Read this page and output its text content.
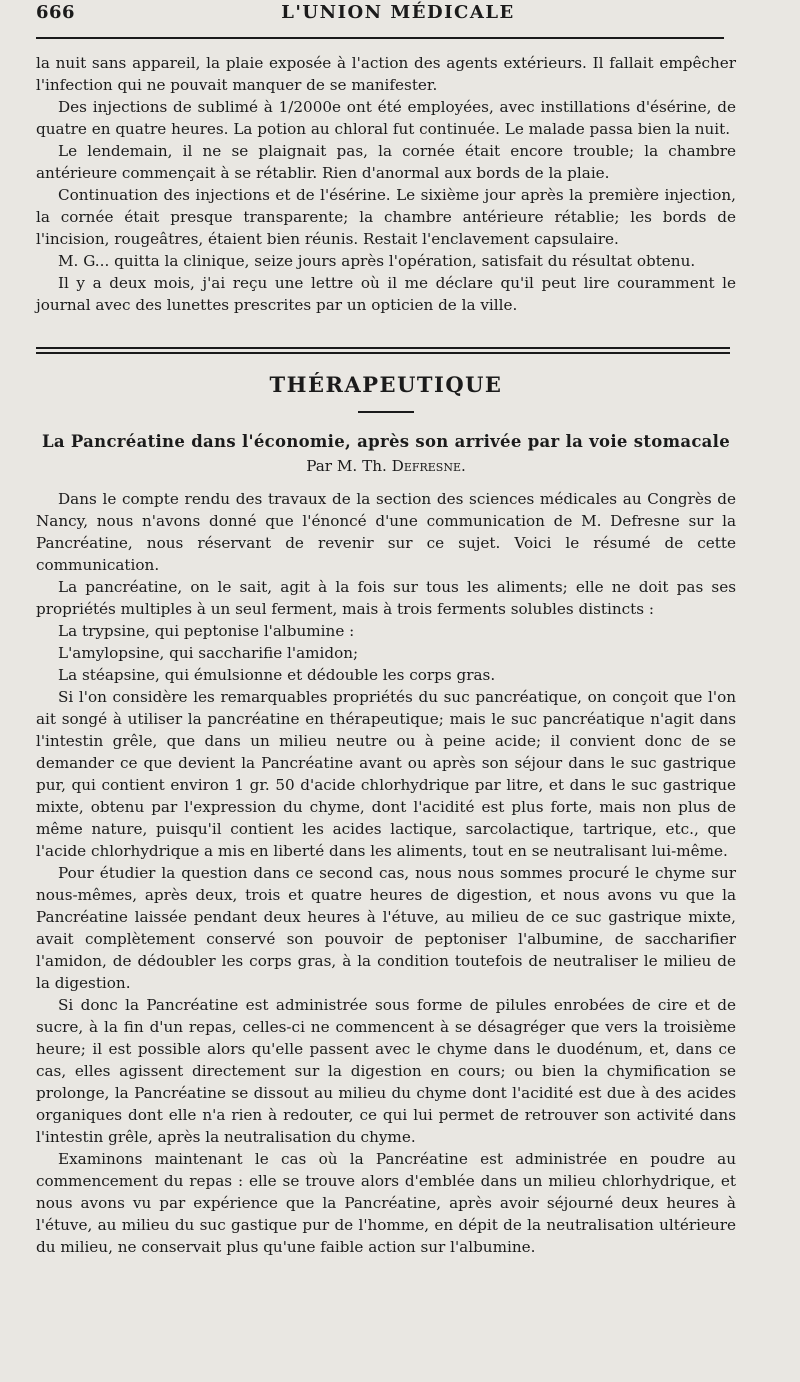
666	L'UNION MÉDICALE

la nuit sans appareil, la plaie exposée à l'action des agents extérieurs. Il fallait empêcher l'infection qui ne pouvait manquer de se manifester.

Des injections de sublimé à 1/2000e ont été employées, avec instillations d'ésérine, de quatre en quatre heures. La potion au chloral fut continuée. Le malade passa bien la nuit.

Le lendemain, il ne se plaignait pas, la cornée était encore trouble; la chambre antérieure commençait à se rétablir. Rien d'anormal aux bords de la plaie.

Continuation des injections et de l'ésérine. Le sixième jour après la première injection, la cornée était presque transparente; la chambre antérieure rétablie; les bords de l'incision, rougeâtres, étaient bien réunis. Restait l'enclavement capsulaire.

M. G... quitta la clinique, seize jours après l'opération, satisfait du résultat obtenu.

Il y a deux mois, j'ai reçu une lettre où il me déclare qu'il peut lire couramment le journal avec des lunettes prescrites par un opticien de la ville.

THÉRAPEUTIQUE
La Pancréatine dans l'économie, après son arrivée par la voie stomacale
Par M. Th. Defresne.

Dans le compte rendu des travaux de la section des sciences médicales au Congrès de Nancy, nous n'avons donné que l'énoncé d'une communication de M. Defresne sur la Pancréatine, nous réservant de revenir sur ce sujet. Voici le résumé de cette communication.

La pancréatine, on le sait, agit à la fois sur tous les aliments; elle ne doit pas ses propriétés multiples à un seul ferment, mais à trois ferments solubles distincts :

La trypsine, qui peptonise l'albumine :

L'amylopsine, qui saccharifie l'amidon;

La stéapsine, qui émulsionne et dédouble les corps gras.

Si l'on considère les remarquables propriétés du suc pancréatique, on conçoit que l'on ait songé à utiliser la pancréatine en thérapeutique; mais le suc pancréatique n'agit dans l'intestin grêle, que dans un milieu neutre ou à peine acide; il convient donc de se demander ce que devient la Pancréatine avant ou après son séjour dans le suc gastrique pur, qui contient environ 1 gr. 50 d'acide chlorhydrique par litre, et dans le suc gastrique mixte, obtenu par l'expression du chyme, dont l'acidité est plus forte, mais non plus de même nature, puisqu'il contient les acides lactique, sarcolactique, tartrique, etc., que l'acide chlorhydrique a mis en liberté dans les aliments, tout en se neutralisant lui-même.

Pour étudier la question dans ce second cas, nous nous sommes procuré le chyme sur nous-mêmes, après deux, trois et quatre heures de digestion, et nous avons vu que la Pancréatine laissée pendant deux heures à l'étuve, au milieu de ce suc gastrique mixte, avait complètement conservé son pouvoir de peptoniser l'albumine, de saccharifier l'amidon, de dédoubler les corps gras, à la condition toutefois de neutraliser le milieu de la digestion.

Si donc la Pancréatine est administrée sous forme de pilules enrobées de cire et de sucre, à la fin d'un repas, celles-ci ne commencent à se désagréger que vers la troisième heure; il est possible alors qu'elle passent avec le chyme dans le duodénum, et, dans ce cas, elles agissent directement sur la digestion en cours; ou bien la chymification se prolonge, la Pancréatine se dissout au milieu du chyme dont l'acidité est due à des acides organiques dont elle n'a rien à redouter, ce qui lui permet de retrouver son activité dans l'intestin grêle, après la neutralisation du chyme.

Examinons maintenant le cas où la Pancréatine est administrée en poudre au commencement du repas : elle se trouve alors d'emblée dans un milieu chlorhydrique, et nous avons vu par expérience que la Pancréatine, après avoir séjourné deux heures à l'étuve, au milieu du suc gastique pur de l'homme, en dépit de la neutralisation ultérieure du milieu, ne conservait plus qu'une faible action sur l'albumine.
